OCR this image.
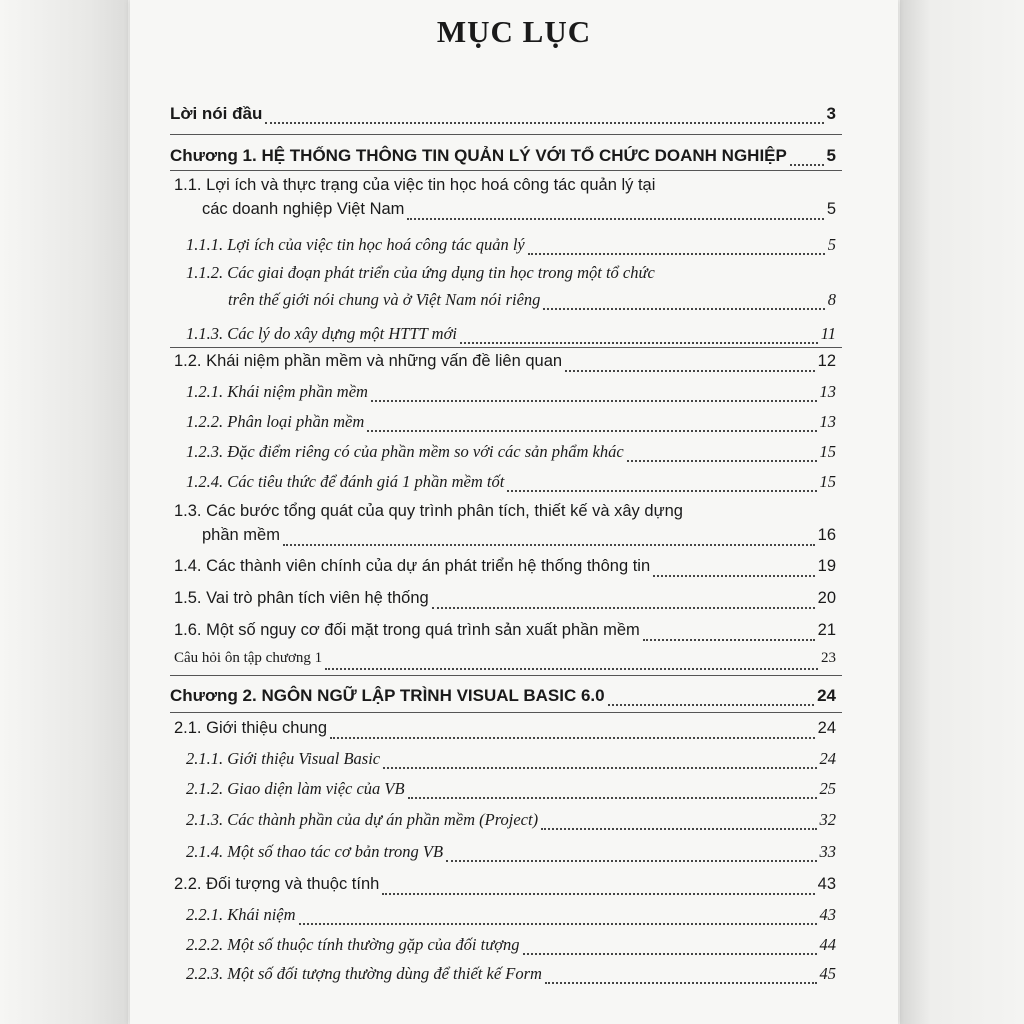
MỤC LỤC
Lời nói đầu	3
Chương 1. HỆ THỐNG THÔNG TIN QUẢN LÝ VỚI TỔ CHỨC DOANH NGHIỆP 5
1.1. Lợi ích và thực trạng của việc tin học hoá công tác quản lý tại
các doanh nghiệp Việt Nam	5
1.1.1. Lợi ích của việc tin học hoá công tác quản lý	5
1.1.2. Các giai đoạn phát triển của ứng dụng tin học trong một tổ chức
trên thế giới nói chung và ở Việt Nam nói riêng	8
1.1.3. Các lý do xây dựng một HTTT mới	11
1.2. Khái niệm phần mềm và những vấn đề liên quan	12
1.2.1. Khái niệm phần mềm	13
1.2.2. Phân loại phần mềm	13
1.2.3. Đặc điểm riêng có của phần mềm so với các sản phẩm khác	15
1.2.4. Các tiêu thức để đánh giá 1 phần mềm tốt	15
1.3. Các bước tổng quát của quy trình phân tích, thiết kế và xây dựng
phần mềm	16
1.4. Các thành viên chính của dự án phát triển hệ thống thông tin	19
1.5. Vai trò phân tích viên hệ thống	20
1.6. Một số nguy cơ đối mặt trong quá trình sản xuất phần mềm	21
Câu hỏi ôn tập chương 1	23
Chương 2. NGÔN NGỮ LẬP TRÌNH VISUAL BASIC 6.0	24
2.1. Giới thiệu chung	24
2.1.1. Giới thiệu Visual Basic	24
2.1.2. Giao diện làm việc của VB	25
2.1.3. Các thành phần của dự án phần mềm (Project)	32
2.1.4. Một số thao tác cơ bản trong VB	33
2.2. Đối tượng và thuộc tính	43
2.2.1. Khái niệm	43
2.2.2. Một số thuộc tính thường gặp của đối tượng	44
2.2.3. Một số đối tượng thường dùng để thiết kế Form	45
